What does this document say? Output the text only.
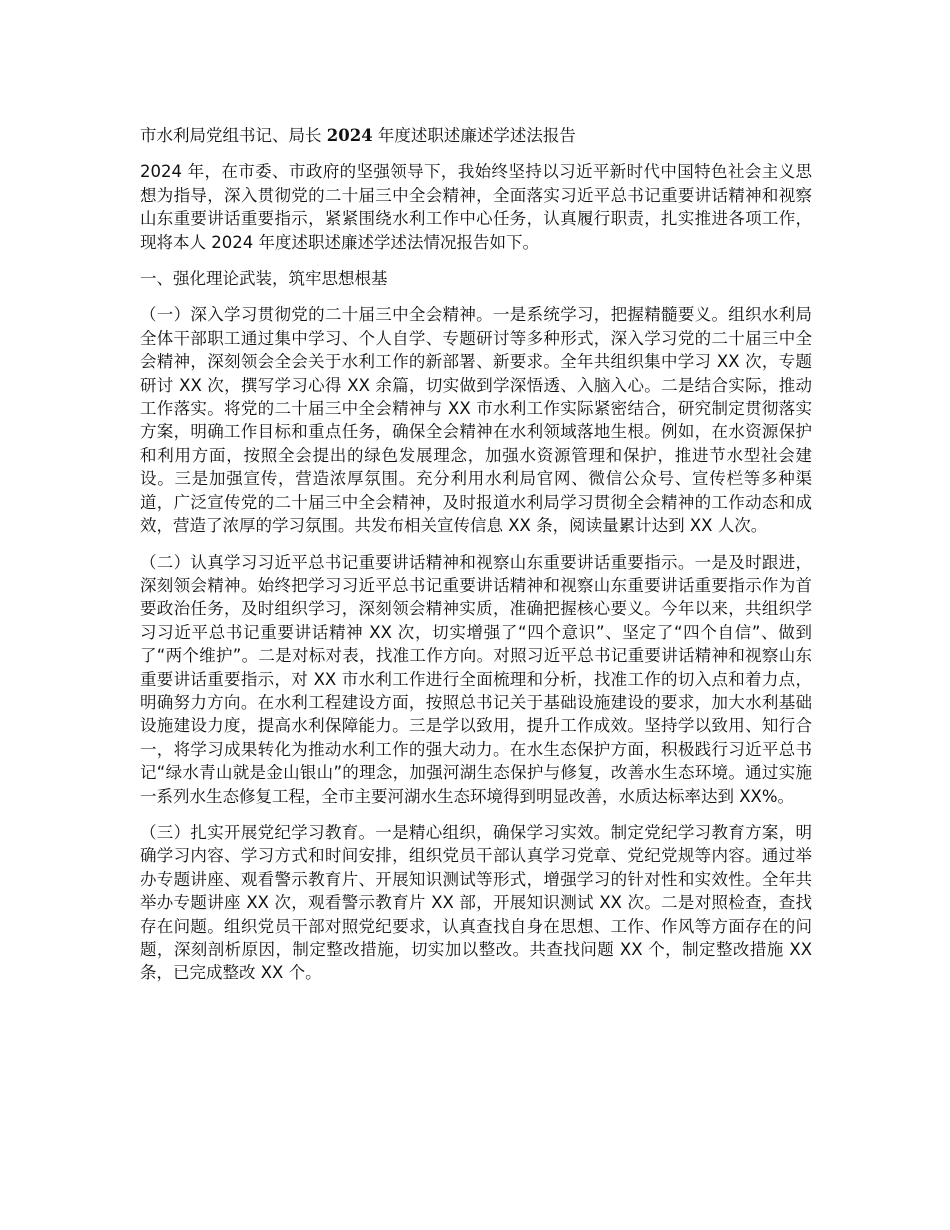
市水利局党组书记、局长 2024 年度述职述廉述学述法报告

2024 年，在市委、市政府的坚强领导下，我始终坚持以习近平新时代中国特色社会主义思想为指导，深入贯彻党的二十届三中全会精神，全面落实习近平总书记重要讲话精神和视察山东重要讲话重要指示，紧紧围绕水利工作中心任务，认真履行职责，扎实推进各项工作，现将本人 2024 年度述职述廉述学述法情况报告如下。

一、强化理论武装，筑牢思想根基

（一）深入学习贯彻党的二十届三中全会精神。一是系统学习，把握精髓要义。组织水利局全体干部职工通过集中学习、个人自学、专题研讨等多种形式，深入学习党的二十届三中全会精神，深刻领会全会关于水利工作的新部署、新要求。全年共组织集中学习 XX 次，专题研讨 XX 次，撰写学习心得 XX 余篇，切实做到学深悟透、入脑入心。二是结合实际，推动工作落实。将党的二十届三中全会精神与 XX 市水利工作实际紧密结合，研究制定贯彻落实方案，明确工作目标和重点任务，确保全会精神在水利领域落地生根。例如，在水资源保护和利用方面，按照全会提出的绿色发展理念，加强水资源管理和保护，推进节水型社会建设。三是加强宣传，营造浓厚氛围。充分利用水利局官网、微信公众号、宣传栏等多种渠道，广泛宣传党的二十届三中全会精神，及时报道水利局学习贯彻全会精神的工作动态和成效，营造了浓厚的学习氛围。共发布相关宣传信息 XX 条，阅读量累计达到 XX 人次。

（二）认真学习习近平总书记重要讲话精神和视察山东重要讲话重要指示。一是及时跟进，深刻领会精神。始终把学习习近平总书记重要讲话精神和视察山东重要讲话重要指示作为首要政治任务，及时组织学习，深刻领会精神实质，准确把握核心要义。今年以来，共组织学习习近平总书记重要讲话精神 XX 次，切实增强了“四个意识”、坚定了“四个自信”、做到了“两个维护”。二是对标对表，找准工作方向。对照习近平总书记重要讲话精神和视察山东重要讲话重要指示，对 XX 市水利工作进行全面梳理和分析，找准工作的切入点和着力点，明确努力方向。在水利工程建设方面，按照总书记关于基础设施建设的要求，加大水利基础设施建设力度，提高水利保障能力。三是学以致用，提升工作成效。坚持学以致用、知行合一，将学习成果转化为推动水利工作的强大动力。在水生态保护方面，积极践行习近平总书记“绿水青山就是金山银山”的理念，加强河湖生态保护与修复，改善水生态环境。通过实施一系列水生态修复工程，全市主要河湖水生态环境得到明显改善，水质达标率达到 XX%。

（三）扎实开展党纪学习教育。一是精心组织，确保学习实效。制定党纪学习教育方案，明确学习内容、学习方式和时间安排，组织党员干部认真学习党章、党纪党规等内容。通过举办专题讲座、观看警示教育片、开展知识测试等形式，增强学习的针对性和实效性。全年共举办专题讲座 XX 次，观看警示教育片 XX 部，开展知识测试 XX 次。二是对照检查，查找存在问题。组织党员干部对照党纪要求，认真查找自身在思想、工作、作风等方面存在的问题，深刻剖析原因，制定整改措施，切实加以整改。共查找问题 XX 个，制定整改措施 XX 条，已完成整改 XX 个。
